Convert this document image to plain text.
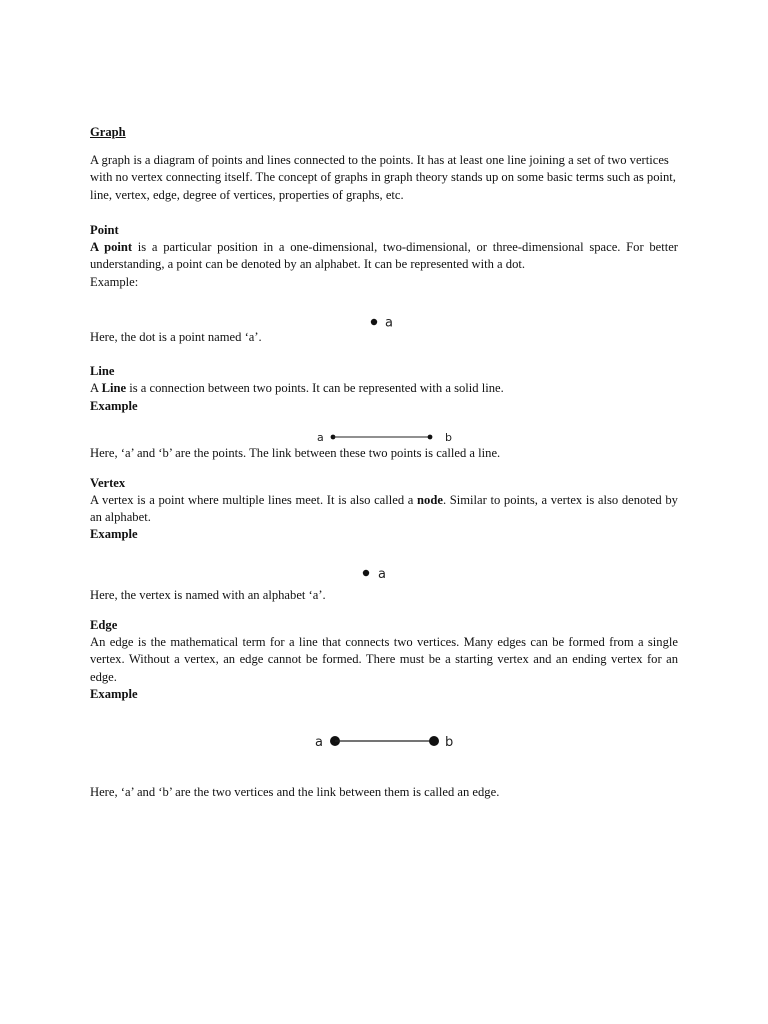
Graph

A graph is a diagram of points and lines connected to the points. It has at least one line joining a set of two vertices with no vertex connecting itself. The concept of graphs in graph theory stands up on some basic terms such as point, line, vertex, edge, degree of vertices, properties of graphs, etc.

Point

A point is a particular position in a one-dimensional, two-dimensional, or three-dimensional space. For better understanding, a point can be denoted by an alphabet. It can be represented with a dot.

Example:
a
Here, the dot is a point named ‘a’.
Line

A Line is a connection between two points. It can be represented with a solid line.

Example
a	b
Here, ‘a’ and ‘b’ are the points. The link between these two points is called a line.
Vertex

A vertex is a point where multiple lines meet. It is also called a node. Similar to points, a vertex is also denoted by an alphabet.

Example
a
Here, the vertex is named with an alphabet ‘a’.
Edge

An edge is the mathematical term for a line that connects two vertices. Many edges can be formed from a single vertex. Without a vertex, an edge cannot be formed. There must be a starting vertex and an ending vertex for an edge.

Example
a	b
Here, ‘a’ and ‘b’ are the two vertices and the link between them is called an edge.
